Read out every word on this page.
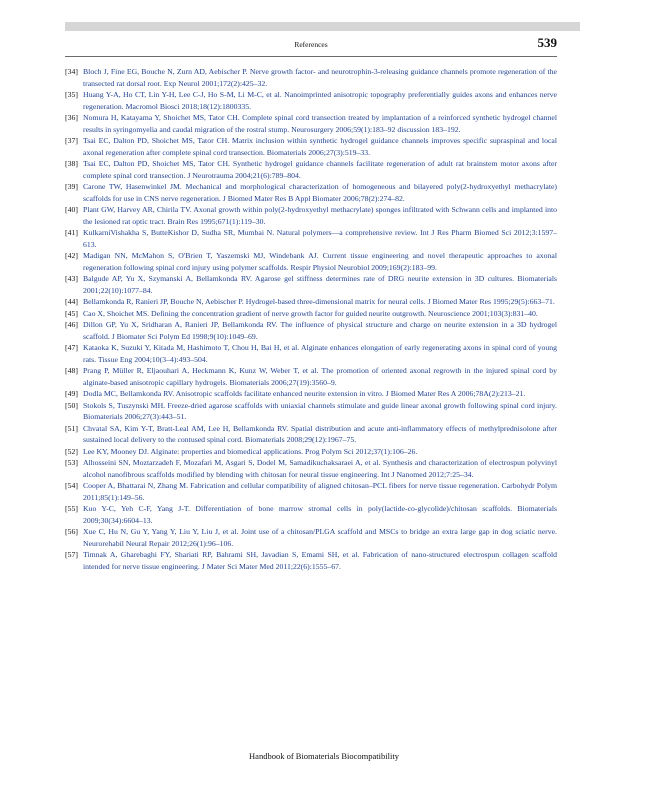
References	539
[34] Bloch J, Fine EG, Bouche N, Zurn AD, Aebischer P. Nerve growth factor- and neurotrophin-3-releasing guidance channels promote regeneration of the transected rat dorsal root. Exp Neurol 2001;172(2):425–32.
[35] Huang Y-A, Ho CT, Lin Y-H, Lee C-J, Ho S-M, Li M-C, et al. Nanoimprinted anisotropic topography preferentially guides axons and enhances nerve regeneration. Macromol Biosci 2018;18(12):1800335.
[36] Nomura H, Katayama Y, Shoichet MS, Tator CH. Complete spinal cord transection treated by implantation of a reinforced synthetic hydrogel channel results in syringomyelia and caudal migration of the rostral stump. Neurosurgery 2006;59(1):183–92 discussion 183–192.
[37] Tsai EC, Dalton PD, Shoichet MS, Tator CH. Matrix inclusion within synthetic hydrogel guidance channels improves specific supraspinal and local axonal regeneration after complete spinal cord transection. Biomaterials 2006;27(3):519–33.
[38] Tsai EC, Dalton PD, Shoichet MS, Tator CH. Synthetic hydrogel guidance channels facilitate regeneration of adult rat brainstem motor axons after complete spinal cord transection. J Neurotrauma 2004;21(6):789–804.
[39] Carone TW, Hasenwinkel JM. Mechanical and morphological characterization of homogeneous and bilayered poly(2-hydroxyethyl methacrylate) scaffolds for use in CNS nerve regeneration. J Biomed Mater Res B Appl Biomater 2006;78(2):274–82.
[40] Plant GW, Harvey AR, Chirila TV. Axonal growth within poly(2-hydroxyethyl methacrylate) sponges infiltrated with Schwann cells and implanted into the lesioned rat optic tract. Brain Res 1995;671(1):119–30.
[41] KulkarniVishakha S, ButteKishor D, Sudha SR, Mumbai N. Natural polymers—a comprehensive review. Int J Res Pharm Biomed Sci 2012;3:1597–613.
[42] Madigan NN, McMahon S, O'Brien T, Yaszemski MJ, Windebank AJ. Current tissue engineering and novel therapeutic approaches to axonal regeneration following spinal cord injury using polymer scaffolds. Respir Physiol Neurobiol 2009;169(2):183–99.
[43] Balgude AP, Yu X, Szymanski A, Bellamkonda RV. Agarose gel stiffness determines rate of DRG neurite extension in 3D cultures. Biomaterials 2001;22(10):1077–84.
[44] Bellamkonda R, Ranieri JP, Bouche N, Aebischer P. Hydrogel-based three-dimensional matrix for neural cells. J Biomed Mater Res 1995;29(5):663–71.
[45] Cao X, Shoichet MS. Defining the concentration gradient of nerve growth factor for guided neurite outgrowth. Neuroscience 2001;103(3):831–40.
[46] Dillon GP, Yu X, Sridharan A, Ranieri JP, Bellamkonda RV. The influence of physical structure and charge on neurite extension in a 3D hydrogel scaffold. J Biomater Sci Polym Ed 1998;9(10):1049–69.
[47] Kataoka K, Suzuki Y, Kitada M, Hashimoto T, Chou H, Bai H, et al. Alginate enhances elongation of early regenerating axons in spinal cord of young rats. Tissue Eng 2004;10(3–4):493–504.
[48] Prang P, Müller R, Eljaouhari A, Heckmann K, Kunz W, Weber T, et al. The promotion of oriented axonal regrowth in the injured spinal cord by alginate-based anisotropic capillary hydrogels. Biomaterials 2006;27(19):3560–9.
[49] Dodla MC, Bellamkonda RV. Anisotropic scaffolds facilitate enhanced neurite extension in vitro. J Biomed Mater Res A 2006;78A(2):213–21.
[50] Stokols S, Tuszynski MH. Freeze-dried agarose scaffolds with uniaxial channels stimulate and guide linear axonal growth following spinal cord injury. Biomaterials 2006;27(3):443–51.
[51] Chvatal SA, Kim Y-T, Bratt-Leal AM, Lee H, Bellamkonda RV. Spatial distribution and acute anti-inflammatory effects of methylprednisolone after sustained local delivery to the contused spinal cord. Biomaterials 2008;29(12):1967–75.
[52] Lee KY, Mooney DJ. Alginate: properties and biomedical applications. Prog Polym Sci 2012;37(1):106–26.
[53] Alhosseini SN, Moztarzadeh F, Mozafari M, Asgari S, Dodel M, Samadikuchaksaraei A, et al. Synthesis and characterization of electrospun polyvinyl alcohol nanofibrous scaffolds modified by blending with chitosan for neural tissue engineering. Int J Nanomed 2012;7:25–34.
[54] Cooper A, Bhattarai N, Zhang M. Fabrication and cellular compatibility of aligned chitosan–PCL fibers for nerve tissue regeneration. Carbohydr Polym 2011;85(1):149–56.
[55] Kuo Y-C, Yeh C-F, Yang J-T. Differentiation of bone marrow stromal cells in poly(lactide-co-glycolide)/chitosan scaffolds. Biomaterials 2009;30(34):6604–13.
[56] Xue C, Hu N, Gu Y, Yang Y, Liu Y, Liu J, et al. Joint use of a chitosan/PLGA scaffold and MSCs to bridge an extra large gap in dog sciatic nerve. Neurorehabil Neural Repair 2012;26(1):96–106.
[57] Timnak A, Gharebaghi FY, Shariati RP, Bahrami SH, Javadian S, Emami SH, et al. Fabrication of nano-structured electrospun collagen scaffold intended for nerve tissue engineering. J Mater Sci Mater Med 2011;22(6):1555–67.
Handbook of Biomaterials Biocompatibility
